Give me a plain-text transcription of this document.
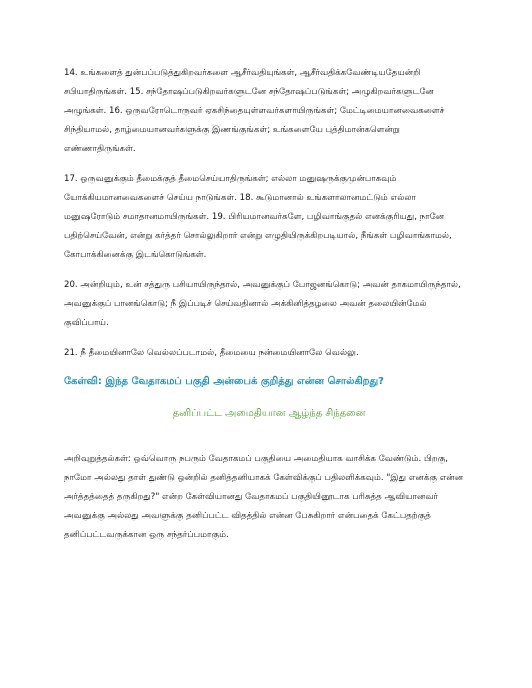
14. உங்களைத் துன்பப்படுத்துகிறவர்களை ஆசீர்வதியுங்கள், ஆசீர்வதிக்கவேண்டியதேயன்றி சபியாதிருங்கள். 15. சந்தோஷப்படுகிறவர்களுடனே சந்தோஷப்படுங்கள்; அழுகிறவர்களுடனே அழுங்கள். 16. ஒருவரோடொருவர் ஏகசிந்தையுள்ளவர்களாயிருங்கள்; மேட்டிமையானவைகளைச் சிந்தியாமல், தாழ்மையானவர்களுக்கு இணங்குங்கள்; உங்களையே புத்திமான்களென்று எண்ணாதிருங்கள்.

17. ஒருவனுக்கும் தீமைக்குத் தீமைசெய்யாதிருங்கள்; எல்லா மனுஷருக்குமுன்பாகவும் யோக்கியமானவைகளைச் செய்ய நாடுங்கள். 18. கூடுமானால் உங்களாலானமட்டும் எல்லா மனுஷரோடும் சமாதானமாயிருங்கள். 19. பிரியமானவர்களே, பழிவாங்குதல் எனக்குரியது, நானே பதிற்செய்வேன், என்று கர்த்தர் சொல்லுகிறார் என்று எழுதியிருக்கிறபடியால், நீங்கள் பழிவாங்காமல், கோபாக்கினைக்கு இடங்கொடுங்கள்.

20. அன்றியும், உன் சத்துரு பசியாயிருந்தால், அவனுக்குப் போஜனங்கொடு; அவன் தாகமாயிருந்தால், அவனுக்குப் பானங்கொடு; நீ இப்படிச் செய்வதினால் அக்கினித்தழலை அவன் தலையின்மேல் குவிப்பாய்.

21. நீ தீமையினாலே வெல்லப்படாமல், தீமையை நன்மையினாலே வெல்லு.

கேள்வி: இந்த வேதாகமப் பகுதி அன்பைக் குறித்து என்ன சொல்கிறது?

தனிப்பட்ட அமைதியான ஆழ்ந்த சிந்தனை

அறிவுறுத்தல்கள்: ஒவ்வொரு நபரும் வேதாகமப் பகுதியை அமைதியாக வாசிக்க வேண்டும். பிறகு, நாமோ அல்லது தாள் துண்டு ஒன்றில் தனித்தனியாகக் கேள்விக்குப் பதிலளிக்கவும். "இது எனக்கு என்ன அர்த்தத்தைத் தருகிறது?" என்ற கேள்வியானது வேதாகமப் பகுதியினூடாக பரிசுத்த ஆவியானவர் அவனுக்கு அல்லது அவளுக்கு தனிப்பட்ட விதத்தில் என்ன பேசுகிறார் என்பதைக் கேட்பதற்குத் தனிப்பட்டவருக்கான ஒரு சந்தர்ப்பமாகும்.
